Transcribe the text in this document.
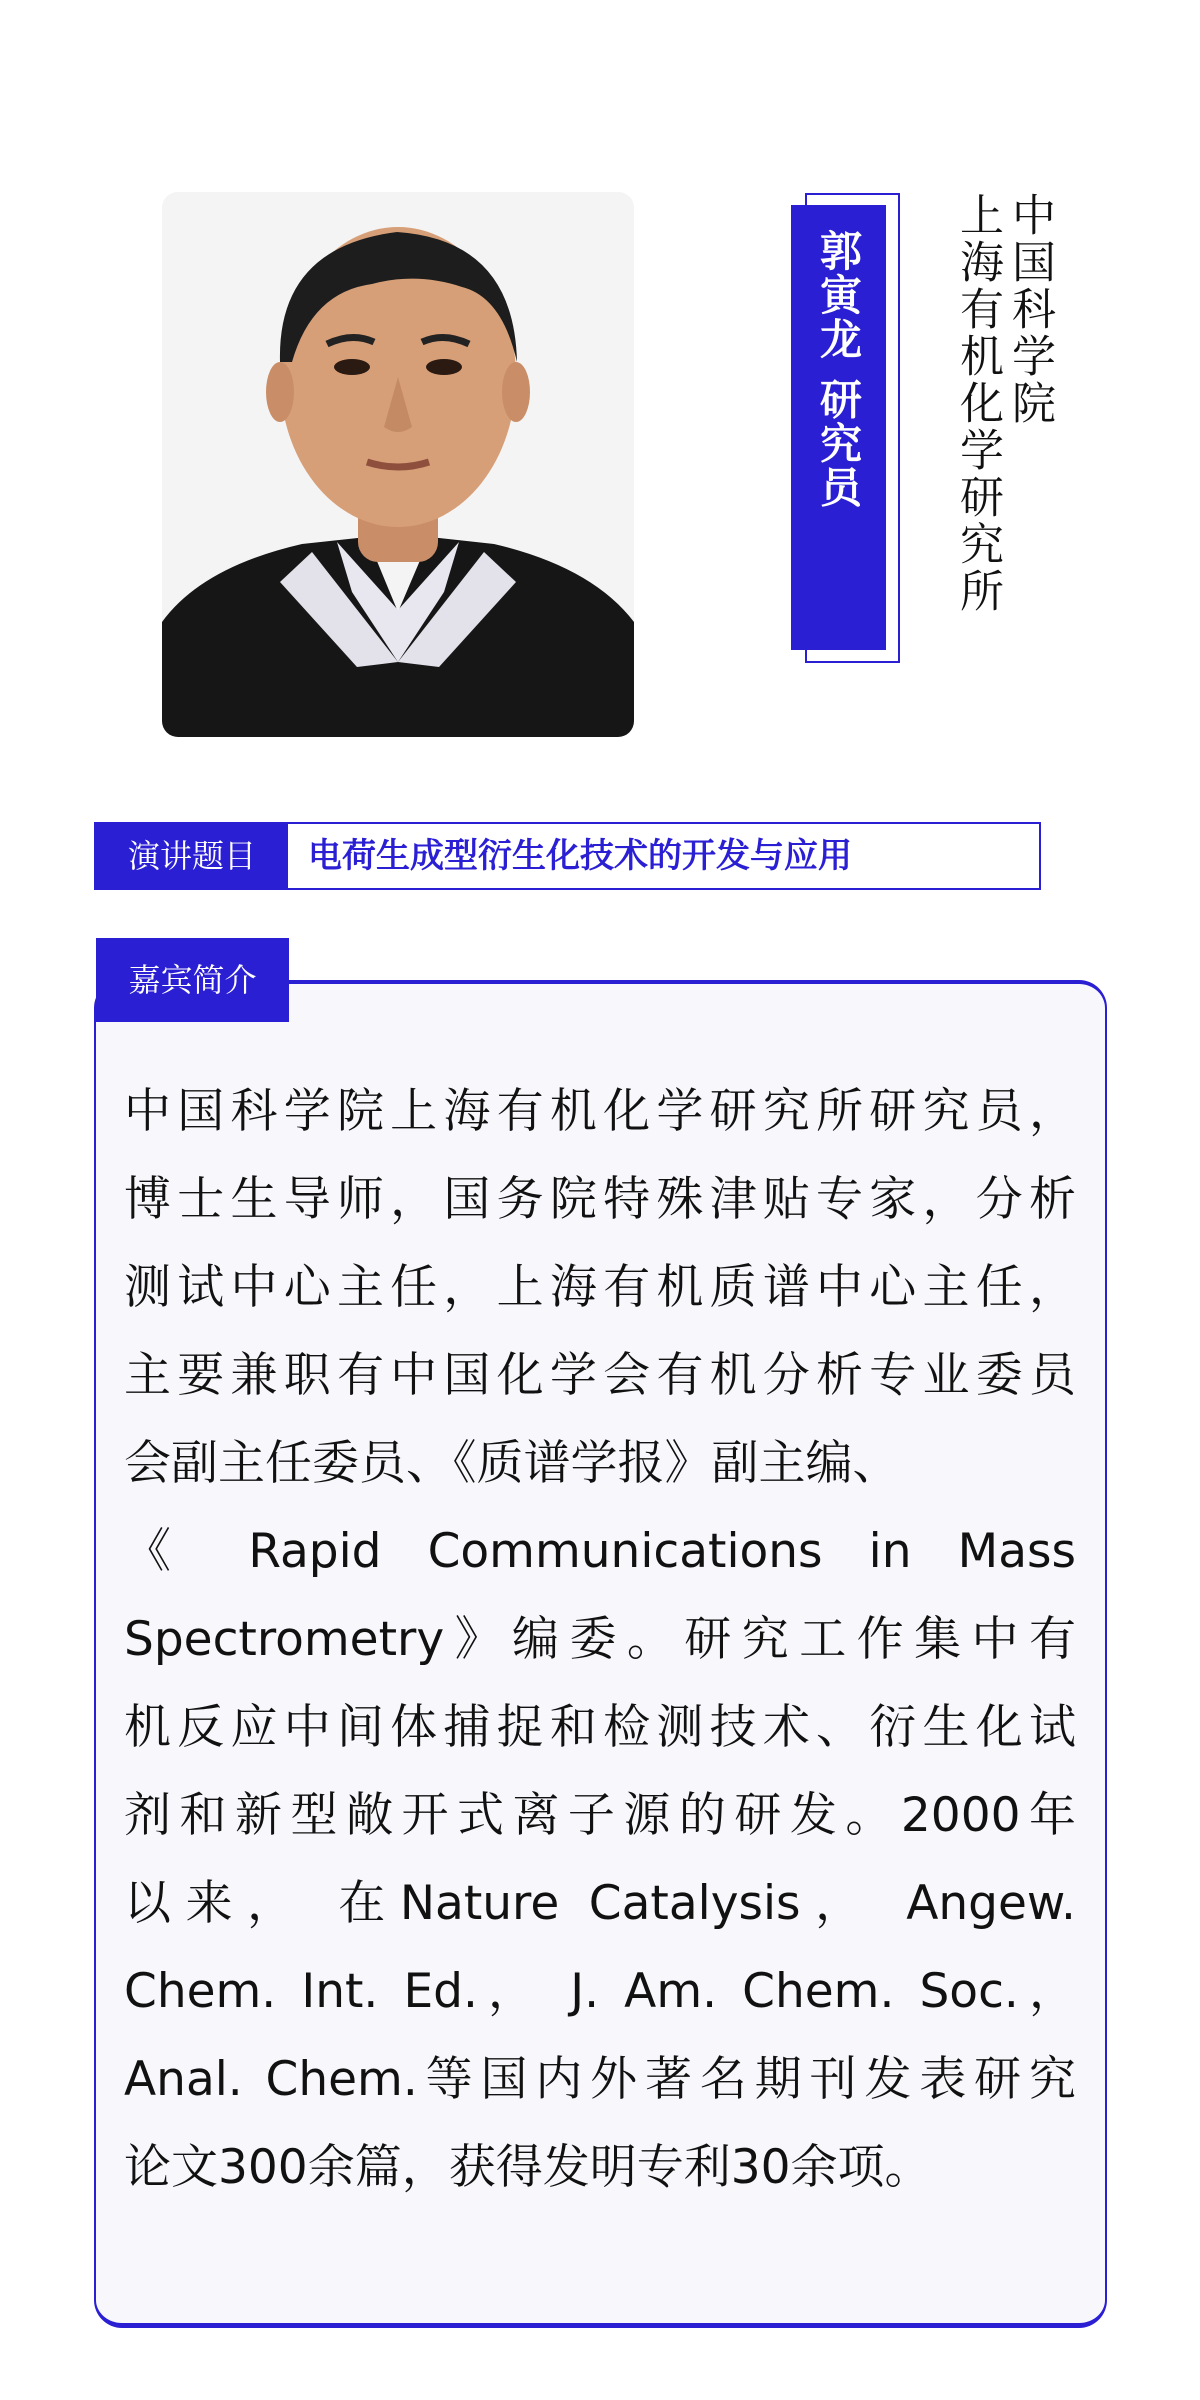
郭寅龙 研究员	中国科学院
上海有机化学研究所
演讲题目	电荷生成型衍生化技术的开发与应用
嘉宾简介
中国科学院上海有机化学研究所研究员，
博士生导师，国务院特殊津贴专家，分析
测试中心主任，上海有机质谱中心主任，
主要兼职有中国化学会有机分析专业委员
会副主任委员、《质谱学报》副主编、
《 Rapid Communications in Mass
Spectrometry》编委。研究工作集中有
机反应中间体捕捉和检测技术、衍生化试
剂和新型敞开式离子源的研发。2000年
以来， 在Nature Catalysis， Angew.
Chem. Int. Ed.， J. Am. Chem. Soc.，
Anal. Chem.等国内外著名期刊发表研究
论文300余篇，获得发明专利30余项。
